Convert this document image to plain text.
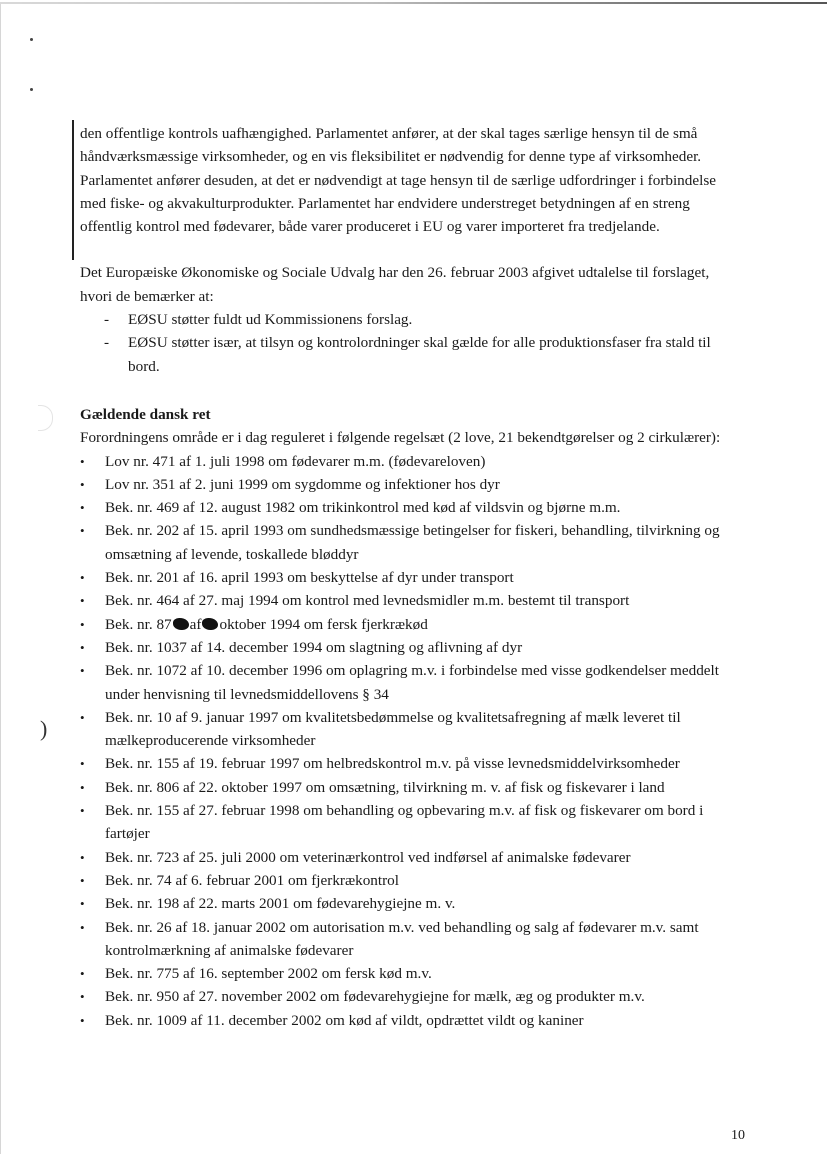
)

den offentlige kontrols uafhængighed. Parlamentet anfører, at der skal tages særlige hensyn til de små håndværksmæssige virksomheder, og en vis fleksibilitet er nødvendig for denne type af virksomheder. Parlamentet anfører desuden, at det er nødvendigt at tage hensyn til de særlige udfordringer i forbindelse med fiske- og akvakulturprodukter. Parlamentet har endvidere understreget betydningen af en streng offentlig kontrol med fødevarer, både varer produceret i EU og varer importeret fra tredjelande.

Det Europæiske Økonomiske og Sociale Udvalg har den 26. februar 2003 afgivet udtalelse til forslaget, hvori de bemærker at:

- EØSU støtter fuldt ud Kommissionens forslag.
- EØSU støtter især, at tilsyn og kontrolordninger skal gælde for alle produktionsfaser fra stald til bord.

Gældende dansk ret

Forordningens område er i dag reguleret i følgende regelsæt (2 love, 21 bekendtgørelser og 2 cirkulærer):

• Lov nr. 471 af 1. juli 1998 om fødevarer m.m. (fødevareloven)
• Lov nr. 351 af 2. juni 1999 om sygdomme og infektioner hos dyr
• Bek. nr. 469 af 12. august 1982 om trikinkontrol med kød af vildsvin og bjørne m.m.
• Bek. nr. 202 af 15. april 1993 om sundhedsmæssige betingelser for fiskeri, behandling, tilvirkning og omsætning af levende, toskallede bløddyr
• Bek. nr. 201 af 16. april 1993 om beskyttelse af dyr under transport
• Bek. nr. 464 af 27. maj 1994 om kontrol med levnedsmidler m.m. bestemt til transport
• Bek. nr. 87 af oktober 1994 om fersk fjerkrækød
• Bek. nr. 1037 af 14. december 1994 om slagtning og aflivning af dyr
• Bek. nr. 1072 af 10. december 1996 om oplagring m.v. i forbindelse med visse godkendelser meddelt under henvisning til levnedsmiddellovens § 34
• Bek. nr. 10 af 9. januar 1997 om kvalitetsbedømmelse og kvalitetsafregning af mælk leveret til mælkeproducerende virksomheder
• Bek. nr. 155 af 19. februar 1997 om helbredskontrol m.v. på visse levnedsmiddelvirksomheder
• Bek. nr. 806 af 22. oktober 1997 om omsætning, tilvirkning m. v. af fisk og fiskevarer i land
• Bek. nr. 155 af 27. februar 1998 om behandling og opbevaring m.v. af fisk og fiskevarer om bord i fartøjer
• Bek. nr. 723 af 25. juli 2000 om veterinærkontrol ved indførsel af animalske fødevarer
• Bek. nr. 74 af 6. februar 2001 om fjerkrækontrol
• Bek. nr. 198 af 22. marts 2001 om fødevarehygiejne m. v.
• Bek. nr. 26 af 18. januar 2002 om autorisation m.v. ved behandling og salg af fødevarer m.v. samt kontrolmærkning af animalske fødevarer
• Bek. nr. 775 af 16. september 2002 om fersk kød m.v.
• Bek. nr. 950 af 27. november 2002 om fødevarehygiejne for mælk, æg og produkter m.v.
• Bek. nr. 1009 af 11. december 2002 om kød af vildt, opdrættet vildt og kaniner
10
